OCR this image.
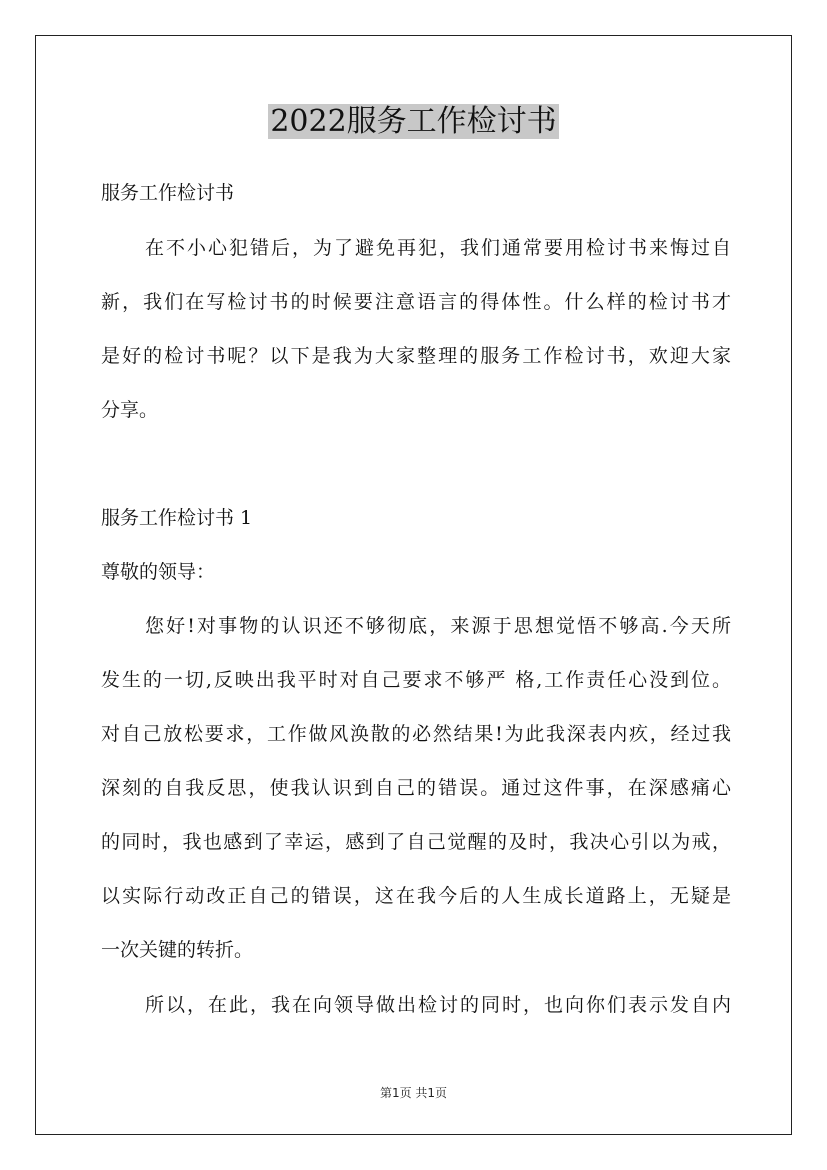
2022服务工作检讨书
服务工作检讨书
在不小心犯错后，为了避免再犯，我们通常要用检讨书来悔过自
新，我们在写检讨书的时候要注意语言的得体性。什么样的检讨书才
是好的检讨书呢？以下是我为大家整理的服务工作检讨书，欢迎大家
分享。
服务工作检讨书 1
尊敬的领导：
您好!对事物的认识还不够彻底，来源于思想觉悟不够高.今天所
发生的一切,反映出我平时对自己要求不够严 格,工作责任心没到位。
对自己放松要求，工作做风涣散的必然结果!为此我深表内疚，经过我
深刻的自我反思，使我认识到自己的错误。通过这件事，在深感痛心
的同时，我也感到了幸运，感到了自己觉醒的及时，我决心引以为戒，
以实际行动改正自己的错误，这在我今后的人生成长道路上，无疑是
一次关键的转折。
所以，在此，我在向领导做出检讨的同时，也向你们表示发自内
第1页 共1页
